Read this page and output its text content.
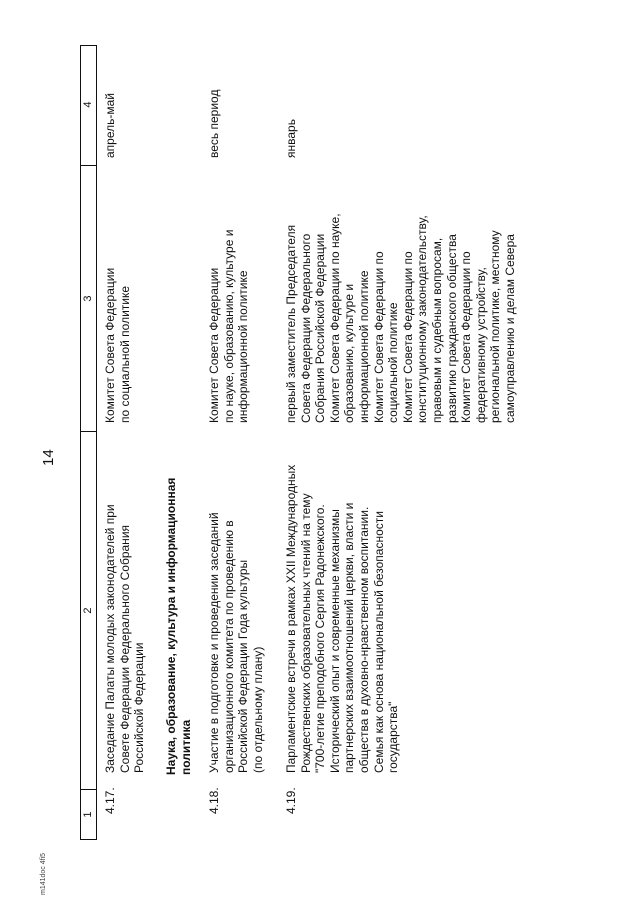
14
m141doc 4fi5
1
2
3
4
4.17.
Заседание Палаты молодых законодателей при
Совете Федерации Федерального Собрания
Российской Федерации
Комитет Совета Федерации
по социальной политике
апрель-май
Наука, образование, культура и информационная
политика
4.18.
Участие в подготовке и проведении заседаний
организационного комитета по проведению в
Российской Федерации Года культуры
(по отдельному плану)
Комитет Совета Федерации
по науке, образованию, культуре и
информационной политике
весь период
4.19.
Парламентские встречи в рамках XXII Международных
Рождественских образовательных чтений на тему
"700-летие преподобного Сергия Радонежского.
Исторический опыт и современные механизмы
партнерских взаимоотношений церкви, власти и
общества в духовно-нравственном воспитании.
Семья как основа национальной безопасности
государства"
первый заместитель Председателя
Совета Федерации Федерального
Собрания Российской Федерации
Комитет Совета Федерации по науке,
образованию, культуре и
информационной политике
Комитет Совета Федерации по
социальной политике
Комитет Совета Федерации по
конституционному законодательству,
правовым и судебным вопросам,
развитию гражданского общества
Комитет Совета Федерации по
федеративному устройству,
региональной политике, местному
самоуправлению и делам Севера
январь
